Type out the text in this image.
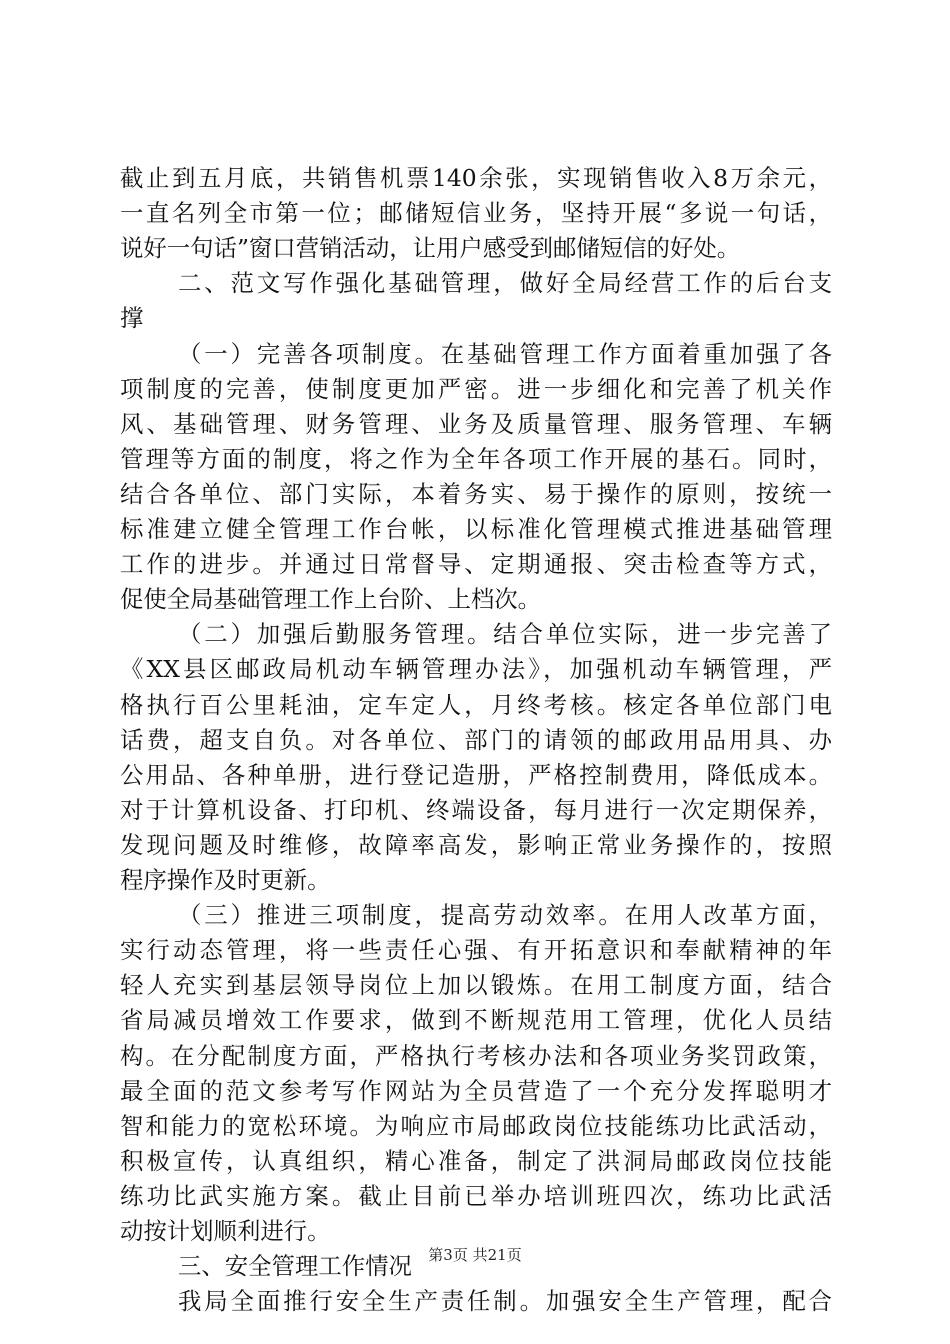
截止到五月底，共销售机票140余张，实现销售收入8万余元，
一直名列全市第一位；邮储短信业务，坚持开展“多说一句话，
说好一句话”窗口营销活动，让用户感受到邮储短信的好处。
二、范文写作强化基础管理，做好全局经营工作的后台支
撑
（一）完善各项制度。在基础管理工作方面着重加强了各
项制度的完善，使制度更加严密。进一步细化和完善了机关作
风、基础管理、财务管理、业务及质量管理、服务管理、车辆
管理等方面的制度，将之作为全年各项工作开展的基石。同时，
结合各单位、部门实际，本着务实、易于操作的原则，按统一
标准建立健全管理工作台帐，以标准化管理模式推进基础管理
工作的进步。并通过日常督导、定期通报、突击检查等方式，
促使全局基础管理工作上台阶、上档次。
（二）加强后勤服务管理。结合单位实际，进一步完善了
《XX县区邮政局机动车辆管理办法》，加强机动车辆管理，严
格执行百公里耗油，定车定人，月终考核。核定各单位部门电
话费，超支自负。对各单位、部门的请领的邮政用品用具、办
公用品、各种单册，进行登记造册，严格控制费用，降低成本。
对于计算机设备、打印机、终端设备，每月进行一次定期保养，
发现问题及时维修，故障率高发，影响正常业务操作的，按照
程序操作及时更新。
（三）推进三项制度，提高劳动效率。在用人改革方面，
实行动态管理，将一些责任心强、有开拓意识和奉献精神的年
轻人充实到基层领导岗位上加以锻炼。在用工制度方面，结合
省局减员增效工作要求，做到不断规范用工管理，优化人员结
构。在分配制度方面，严格执行考核办法和各项业务奖罚政策，
最全面的范文参考写作网站为全员营造了一个充分发挥聪明才
智和能力的宽松环境。为响应市局邮政岗位技能练功比武活动，
积极宣传，认真组织，精心准备，制定了洪洞局邮政岗位技能
练功比武实施方案。截止目前已举办培训班四次，练功比武活
动按计划顺利进行。
三、安全管理工作情况
我局全面推行安全生产责任制。加强安全生产管理，配合
第3页 共21页
